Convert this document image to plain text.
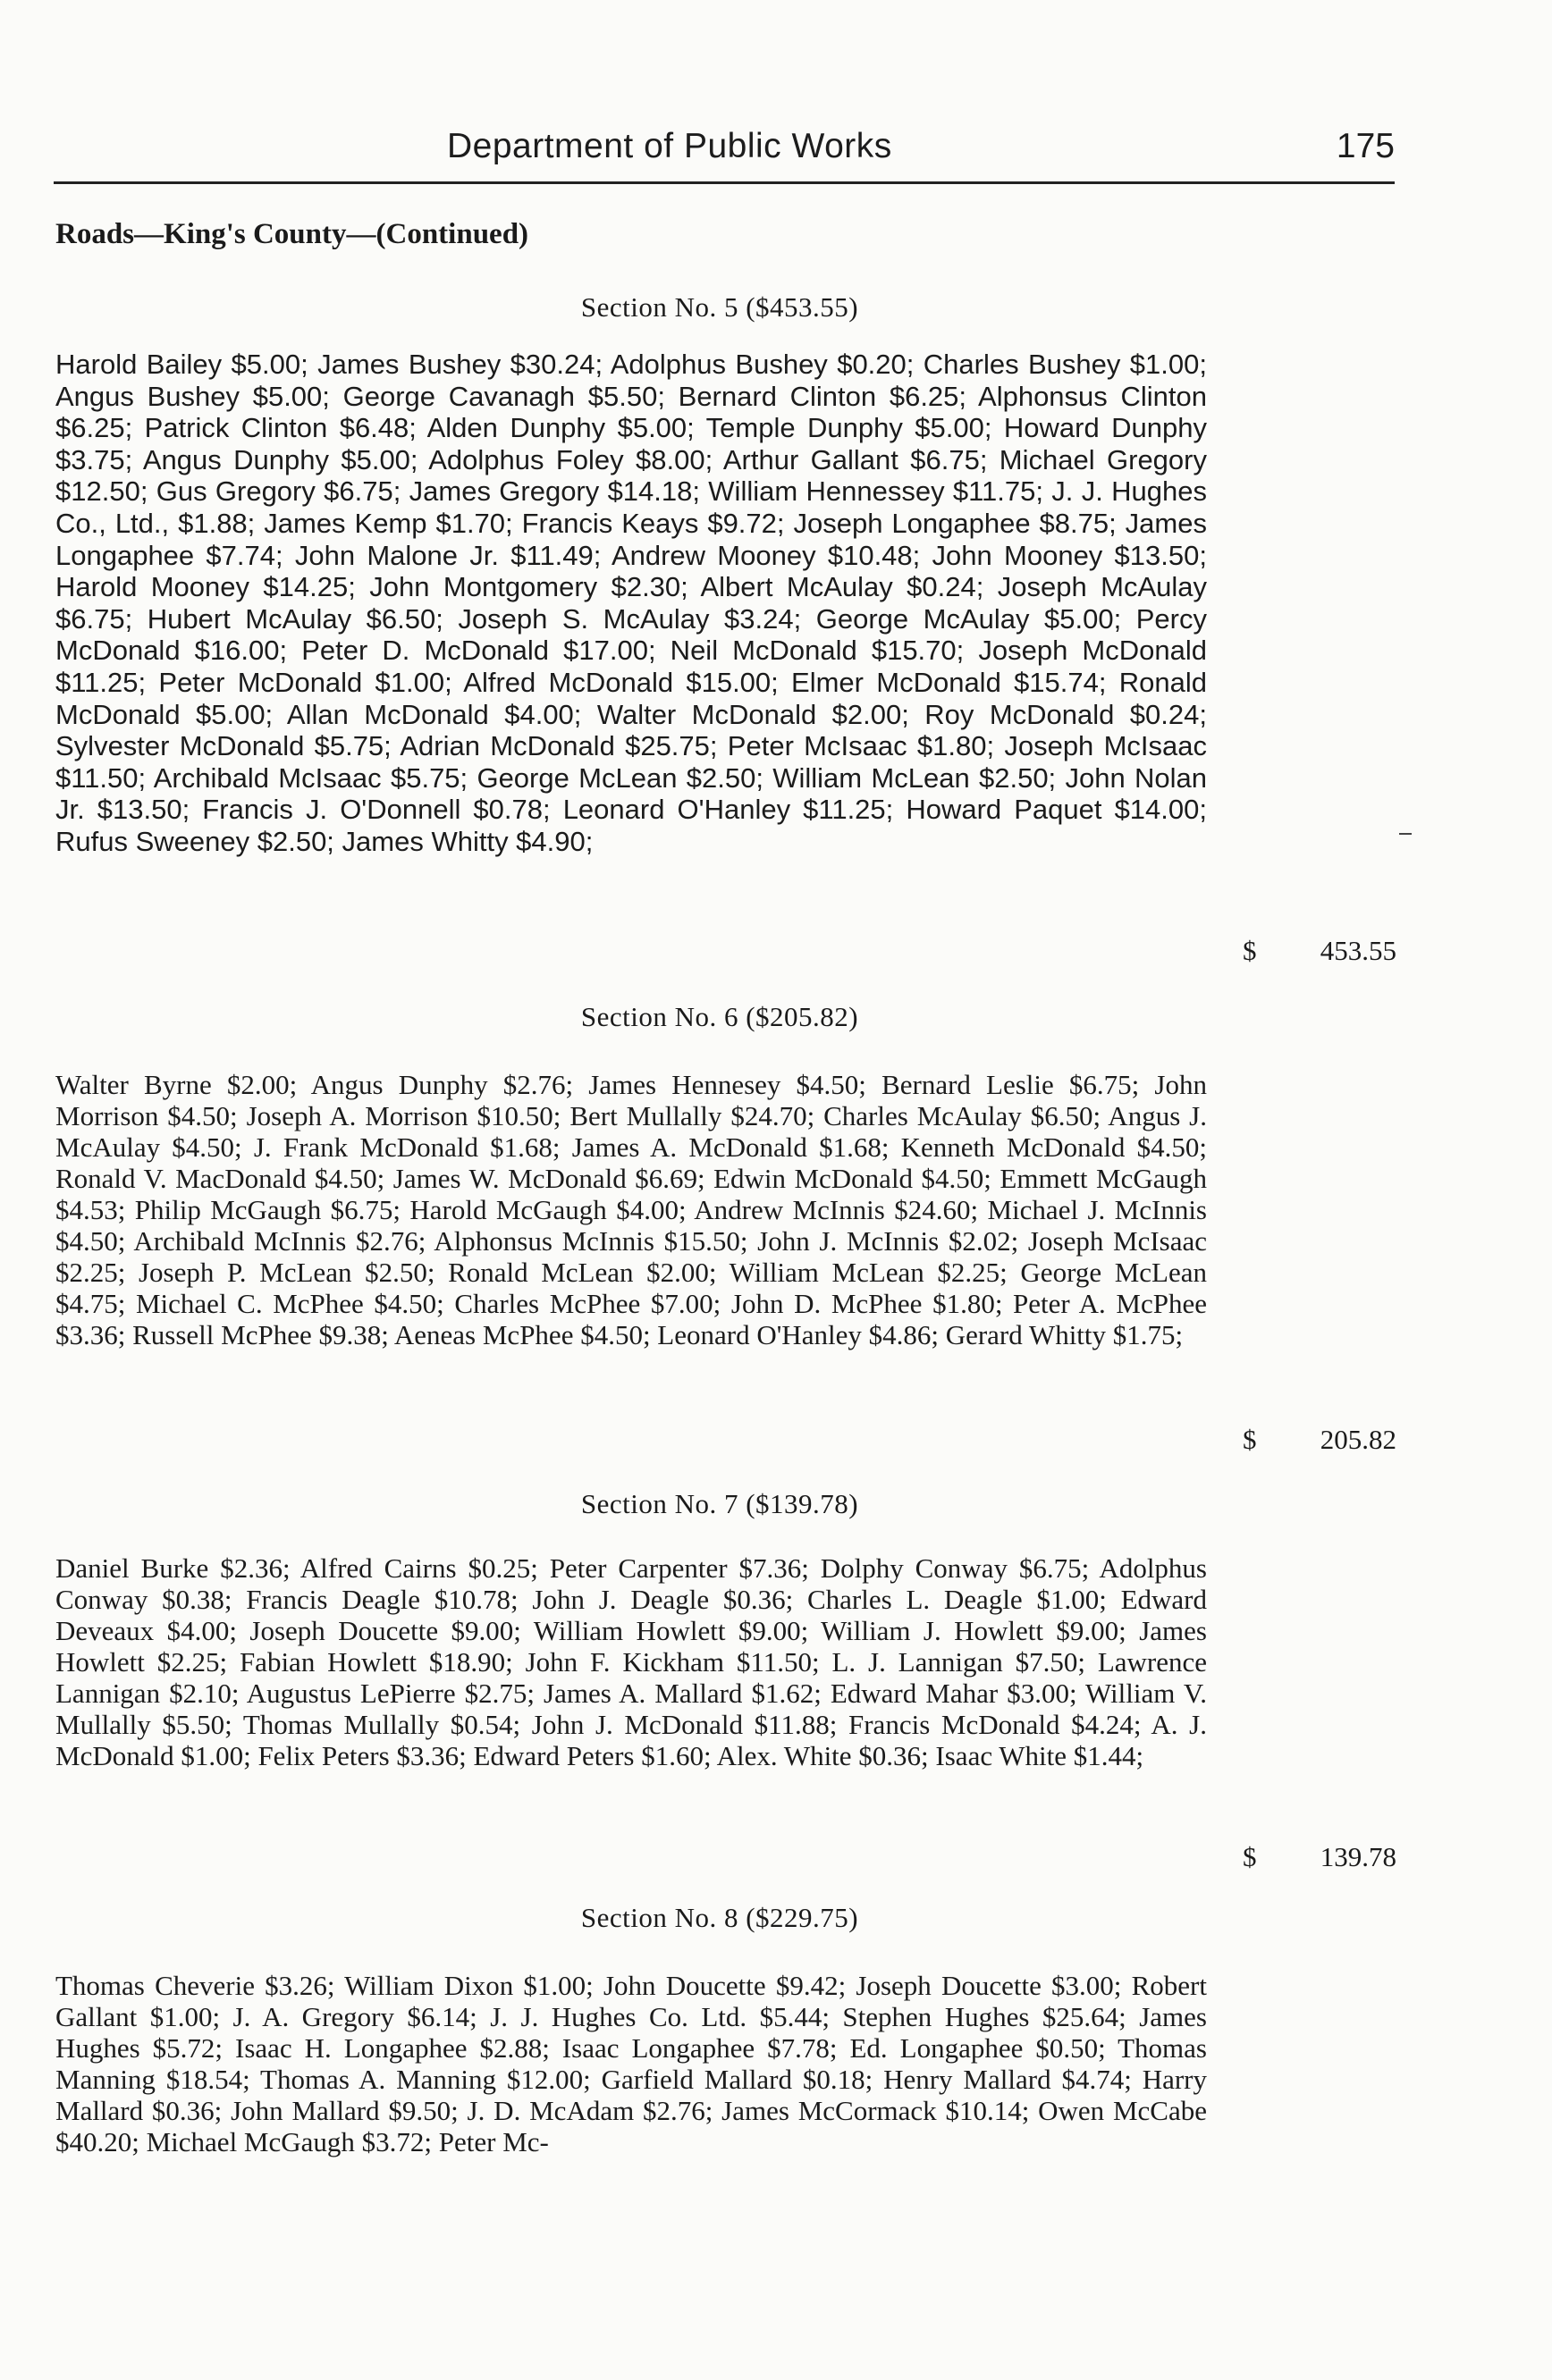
Department of Public Works	175
Roads—King's County—(Continued)
Section No. 5 ($453.55)

Harold Bailey $5.00; James Bushey $30.24; Adolphus Bushey $0.20; Charles Bushey $1.00; Angus Bushey $5.00; George Cavanagh $5.50; Bernard Clinton $6.25; Alphonsus Clinton $6.25; Patrick Clinton $6.48; Alden Dunphy $5.00; Temple Dunphy $5.00; Howard Dunphy $3.75; Angus Dunphy $5.00; Adolphus Foley $8.00; Arthur Gallant $6.75; Michael Gregory $12.50; Gus Gregory $6.75; James Gregory $14.18; William Hennessey $11.75; J. J. Hughes Co., Ltd., $1.88; James Kemp $1.70; Francis Keays $9.72; Joseph Longaphee $8.75; James Longaphee $7.74; John Malone Jr. $11.49; Andrew Mooney $10.48; John Mooney $13.50; Harold Mooney $14.25; John Montgomery $2.30; Albert McAulay $0.24; Joseph McAulay $6.75; Hubert McAulay $6.50; Joseph S. McAulay $3.24; George McAulay $5.00; Percy McDonald $16.00; Peter D. McDonald $17.00; Neil McDonald $15.70; Joseph McDonald $11.25; Peter McDonald $1.00; Alfred McDonald $15.00; Elmer McDonald $15.74; Ronald McDonald $5.00; Allan McDonald $4.00; Walter McDonald $2.00; Roy McDonald $0.24; Sylvester McDonald $5.75; Adrian McDonald $25.75; Peter McIsaac $1.80; Joseph McIsaac $11.50; Archibald McIsaac $5.75; George McLean $2.50; William McLean $2.50; John Nolan Jr. $13.50; Francis J. O'Donnell $0.78; Leonard O'Hanley $11.25; Howard Paquet $14.00; Rufus Sweeney $2.50; James Whitty $4.90;

$ 453.55
Section No. 6 ($205.82)

Walter Byrne $2.00; Angus Dunphy $2.76; James Hennesey $4.50; Bernard Leslie $6.75; John Morrison $4.50; Joseph A. Morrison $10.50; Bert Mullally $24.70; Charles McAulay $6.50; Angus J. McAulay $4.50; J. Frank McDonald $1.68; James A. McDonald $1.68; Kenneth McDonald $4.50; Ronald V. MacDonald $4.50; James W. McDonald $6.69; Edwin McDonald $4.50; Emmett McGaugh $4.53; Philip McGaugh $6.75; Harold McGaugh $4.00; Andrew McInnis $24.60; Michael J. McInnis $4.50; Archibald McInnis $2.76; Alphonsus McInnis $15.50; John J. McInnis $2.02; Joseph McIsaac $2.25; Joseph P. McLean $2.50; Ronald McLean $2.00; William McLean $2.25; George McLean $4.75; Michael C. McPhee $4.50; Charles McPhee $7.00; John D. McPhee $1.80; Peter A. McPhee $3.36; Russell McPhee $9.38; Aeneas McPhee $4.50; Leonard O'Hanley $4.86; Gerard Whitty $1.75;

$ 205.82
Section No. 7 ($139.78)

Daniel Burke $2.36; Alfred Cairns $0.25; Peter Carpenter $7.36; Dolphy Conway $6.75; Adolphus Conway $0.38; Francis Deagle $10.78; John J. Deagle $0.36; Charles L. Deagle $1.00; Edward Deveaux $4.00; Joseph Doucette $9.00; William Howlett $9.00; William J. Howlett $9.00; James Howlett $2.25; Fabian Howlett $18.90; John F. Kickham $11.50; L. J. Lannigan $7.50; Lawrence Lannigan $2.10; Augustus LePierre $2.75; James A. Mallard $1.62; Edward Mahar $3.00; William V. Mullally $5.50; Thomas Mullally $0.54; John J. McDonald $11.88; Francis McDonald $4.24; A. J. McDonald $1.00; Felix Peters $3.36; Edward Peters $1.60; Alex. White $0.36; Isaac White $1.44;

$ 139.78
Section No. 8 ($229.75)

Thomas Cheverie $3.26; William Dixon $1.00; John Doucette $9.42; Joseph Doucette $3.00; Robert Gallant $1.00; J. A. Gregory $6.14; J. J. Hughes Co. Ltd. $5.44; Stephen Hughes $25.64; James Hughes $5.72; Isaac H. Longaphee $2.88; Isaac Longaphee $7.78; Ed. Longaphee $0.50; Thomas Manning $18.54; Thomas A. Manning $12.00; Garfield Mallard $0.18; Henry Mallard $4.74; Harry Mallard $0.36; John Mallard $9.50; J. D. McAdam $2.76; James McCormack $10.14; Owen McCabe $40.20; Michael McGaugh $3.72; Peter Mc-
